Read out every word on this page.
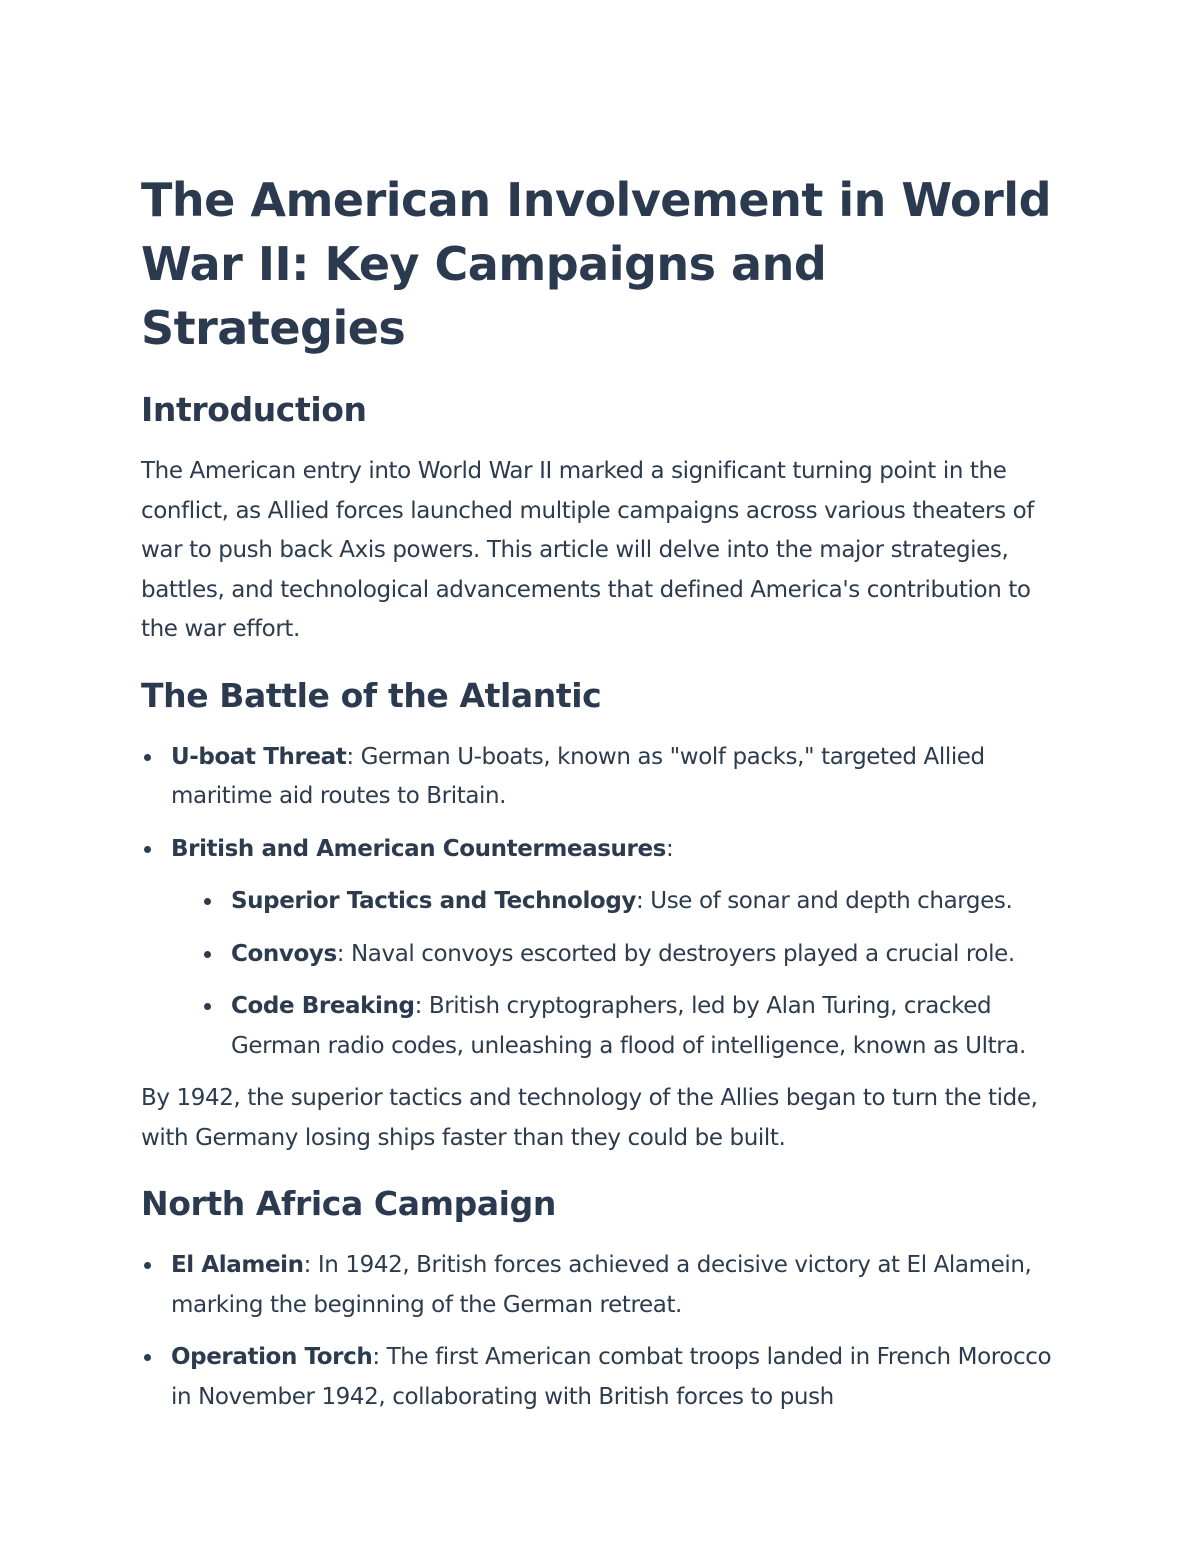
The American Involvement in World War II: Key Campaigns and Strategies
Introduction

The American entry into World War II marked a significant turning point in the conflict, as Allied forces launched multiple campaigns across various theaters of war to push back Axis powers. This article will delve into the major strategies, battles, and technological advancements that defined America's contribution to the war effort.

The Battle of the Atlantic
U-boat Threat: German U-boats, known as "wolf packs," targeted Allied maritime aid routes to Britain.
British and American Countermeasures:
Superior Tactics and Technology: Use of sonar and depth charges.
Convoys: Naval convoys escorted by destroyers played a crucial role.
Code Breaking: British cryptographers, led by Alan Turing, cracked German radio codes, unleashing a flood of intelligence, known as Ultra.

By 1942, the superior tactics and technology of the Allies began to turn the tide, with Germany losing ships faster than they could be built.

North Africa Campaign
El Alamein: In 1942, British forces achieved a decisive victory at El Alamein, marking the beginning of the German retreat.
Operation Torch: The first American combat troops landed in French Morocco in November 1942, collaborating with British forces to push
